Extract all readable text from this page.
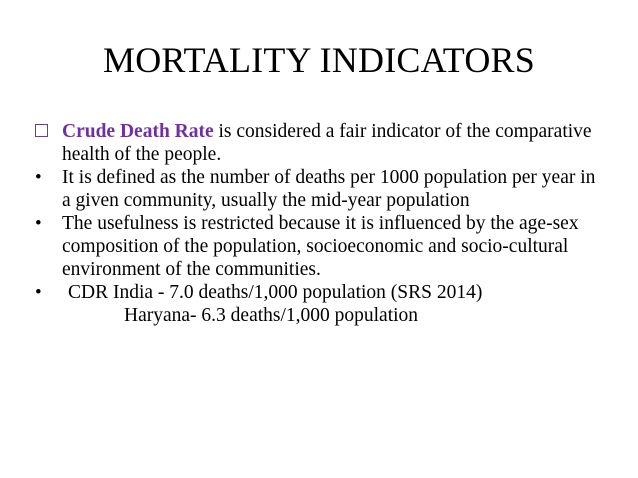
MORTALITY INDICATORS
Crude Death Rate is considered a fair indicator of the comparative health of the people.
• It is defined as the number of deaths per 1000 population per year in a given community, usually the mid-year population
• The usefulness is restricted because it is influenced by the age-sex composition of the population, socioeconomic and socio-cultural environment of the communities.
•	CDR India - 7.0 deaths/1,000 population (SRS 2014)
Haryana- 6.3 deaths/1,000 population
